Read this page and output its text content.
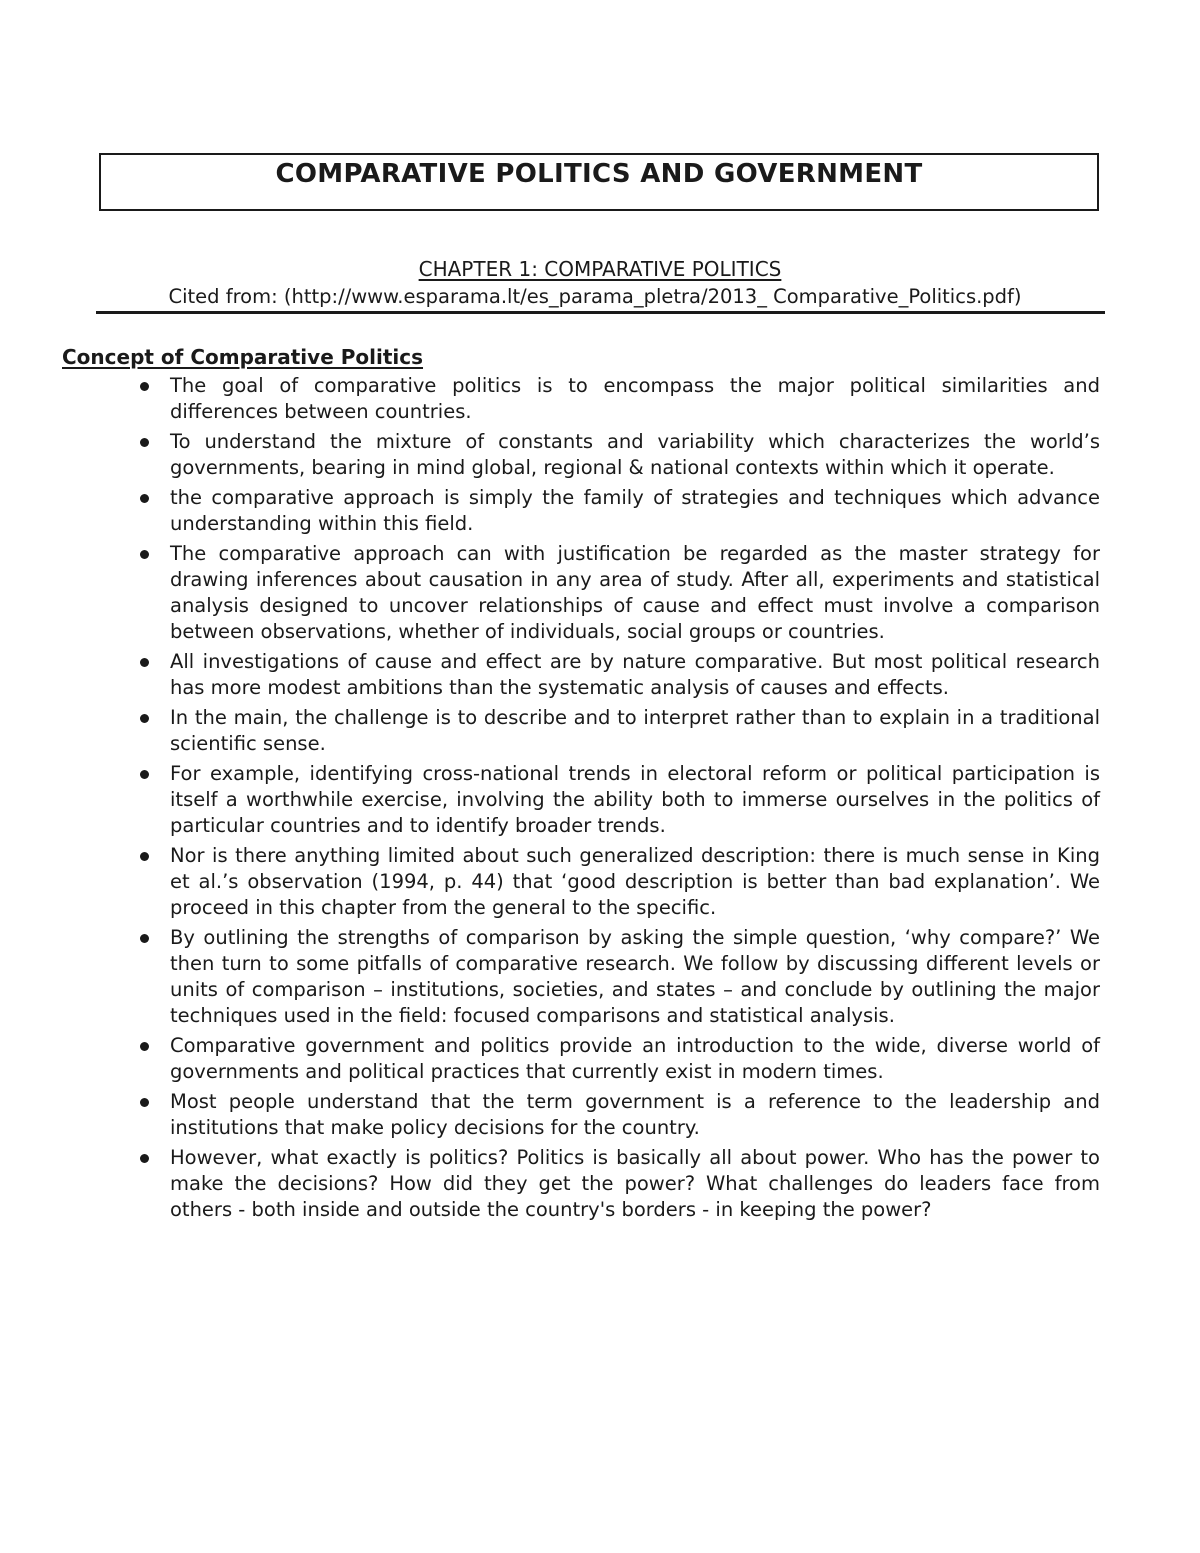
COMPARATIVE POLITICS AND GOVERNMENT
CHAPTER 1: COMPARATIVE POLITICS
Cited from: (http://www.esparama.lt/es_parama_pletra/2013_ Comparative_Politics.pdf)
Concept of Comparative Politics
The goal of comparative politics is to encompass the major political similarities and differences between countries.
To understand the mixture of constants and variability which characterizes the world’s governments, bearing in mind global, regional & national contexts within which it operate.
the comparative approach is simply the family of strategies and techniques which advance understanding within this field.
The comparative approach can with justification be regarded as the master strategy for drawing inferences about causation in any area of study. After all, experiments and statistical analysis designed to uncover relationships of cause and effect must involve a comparison between observations, whether of individuals, social groups or countries.
All investigations of cause and effect are by nature comparative. But most political research has more modest ambitions than the systematic analysis of causes and effects.
In the main, the challenge is to describe and to interpret rather than to explain in a traditional scientific sense.
For example, identifying cross-national trends in electoral reform or political participation is itself a worthwhile exercise, involving the ability both to immerse ourselves in the politics of particular countries and to identify broader trends.
Nor is there anything limited about such generalized description: there is much sense in King et al.’s observation (1994, p. 44) that ‘good description is better than bad explanation’. We proceed in this chapter from the general to the specific.
By outlining the strengths of comparison by asking the simple question, ‘why compare?’ We then turn to some pitfalls of comparative research. We follow by discussing different levels or units of comparison – institutions, societies, and states – and conclude by outlining the major techniques used in the field: focused comparisons and statistical analysis.
Comparative government and politics provide an introduction to the wide, diverse world of governments and political practices that currently exist in modern times.
Most people understand that the term government is a reference to the leadership and institutions that make policy decisions for the country.
However, what exactly is politics? Politics is basically all about power. Who has the power to make the decisions? How did they get the power? What challenges do leaders face from others - both inside and outside the country's borders - in keeping the power?
